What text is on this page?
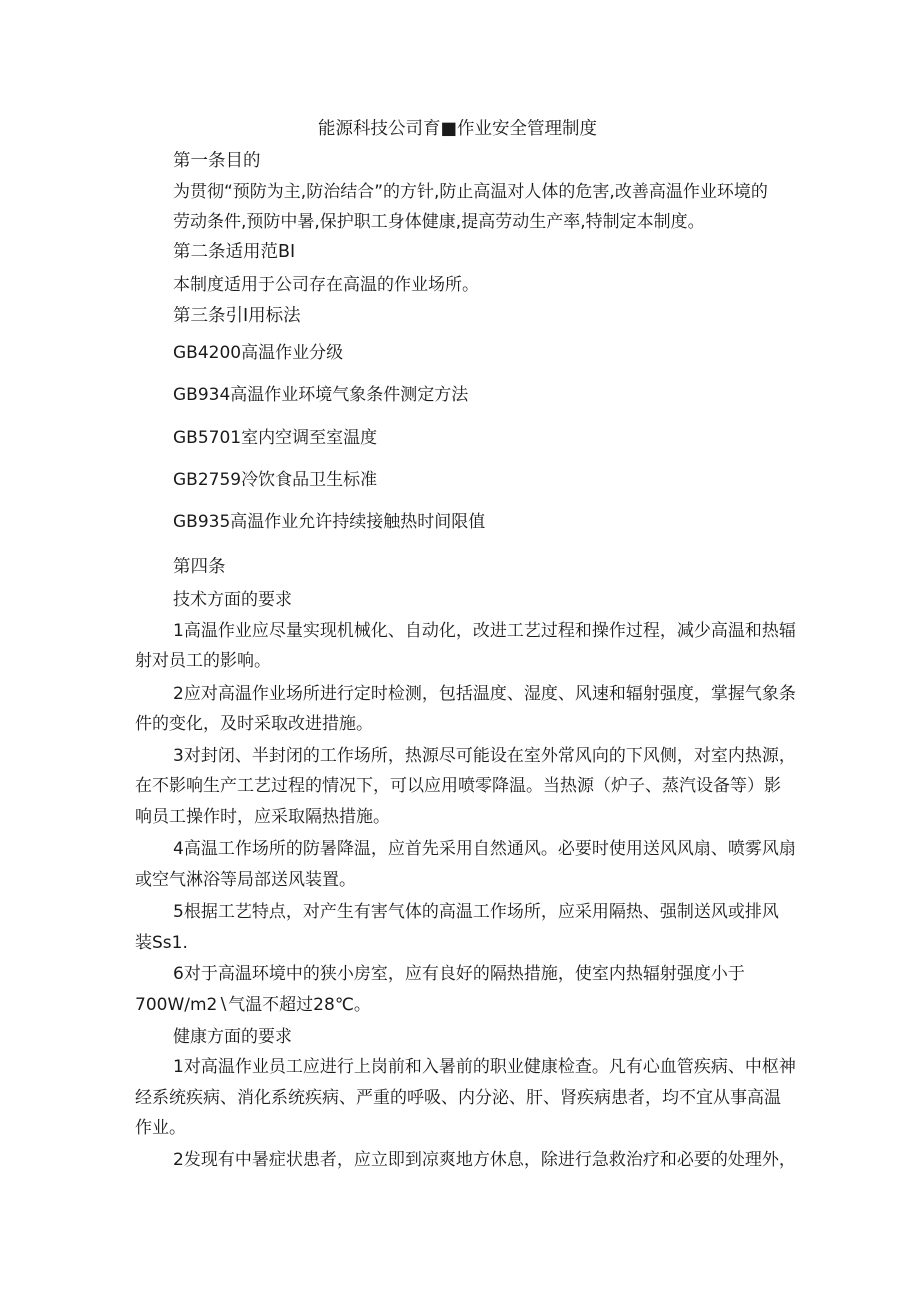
能源科技公司育■作业安全管理制度
第一条目的
为贯彻“预防为主,防治结合”的方针,防止高温对人体的危害,改善高温作业环境的
劳动条件,预防中暑,保护职工身体健康,提高劳动生产率,特制定本制度。
第二条适用范BI
本制度适用于公司存在高温的作业场所。
第三条引I用标法
GB4200高温作业分级
GB934高温作业环境气象条件测定方法
GB5701室内空调至室温度
GB2759冷饮食品卫生标准
GB935高温作业允许持续接触热时间限值
第四条
技术方面的要求
1高温作业应尽量实现机械化、自动化，改进工艺过程和操作过程，减少高温和热辐
射对员工的影响。
2应对高温作业场所进行定时检测，包括温度、湿度、风速和辐射强度，掌握气象条
件的变化，及时采取改进措施。
3对封闭、半封闭的工作场所，热源尽可能设在室外常风向的下风侧，对室内热源，
在不影响生产工艺过程的情况下，可以应用喷零降温。当热源（炉子、蒸汽设备等）影
响员工操作时，应采取隔热措施。
4高温工作场所的防暑降温，应首先采用自然通风。必要时使用送风风扇、喷雾风扇
或空气淋浴等局部送风装置。
5根据工艺特点，对产生有害气体的高温工作场所，应采用隔热、强制送风或排风
装Ss1.
6对于高温环境中的狭小房室，应有良好的隔热措施，使室内热辐射强度小于
700W∕m2∖气温不超过28℃。
健康方面的要求
1对高温作业员工应进行上岗前和入暑前的职业健康检查。凡有心血管疾病、中枢神
经系统疾病、消化系统疾病、严重的呼吸、内分泌、肝、肾疾病患者，均不宜从事高温
作业。
2发现有中暑症状患者，应立即到凉爽地方休息，除进行急救治疗和必要的处理外，
